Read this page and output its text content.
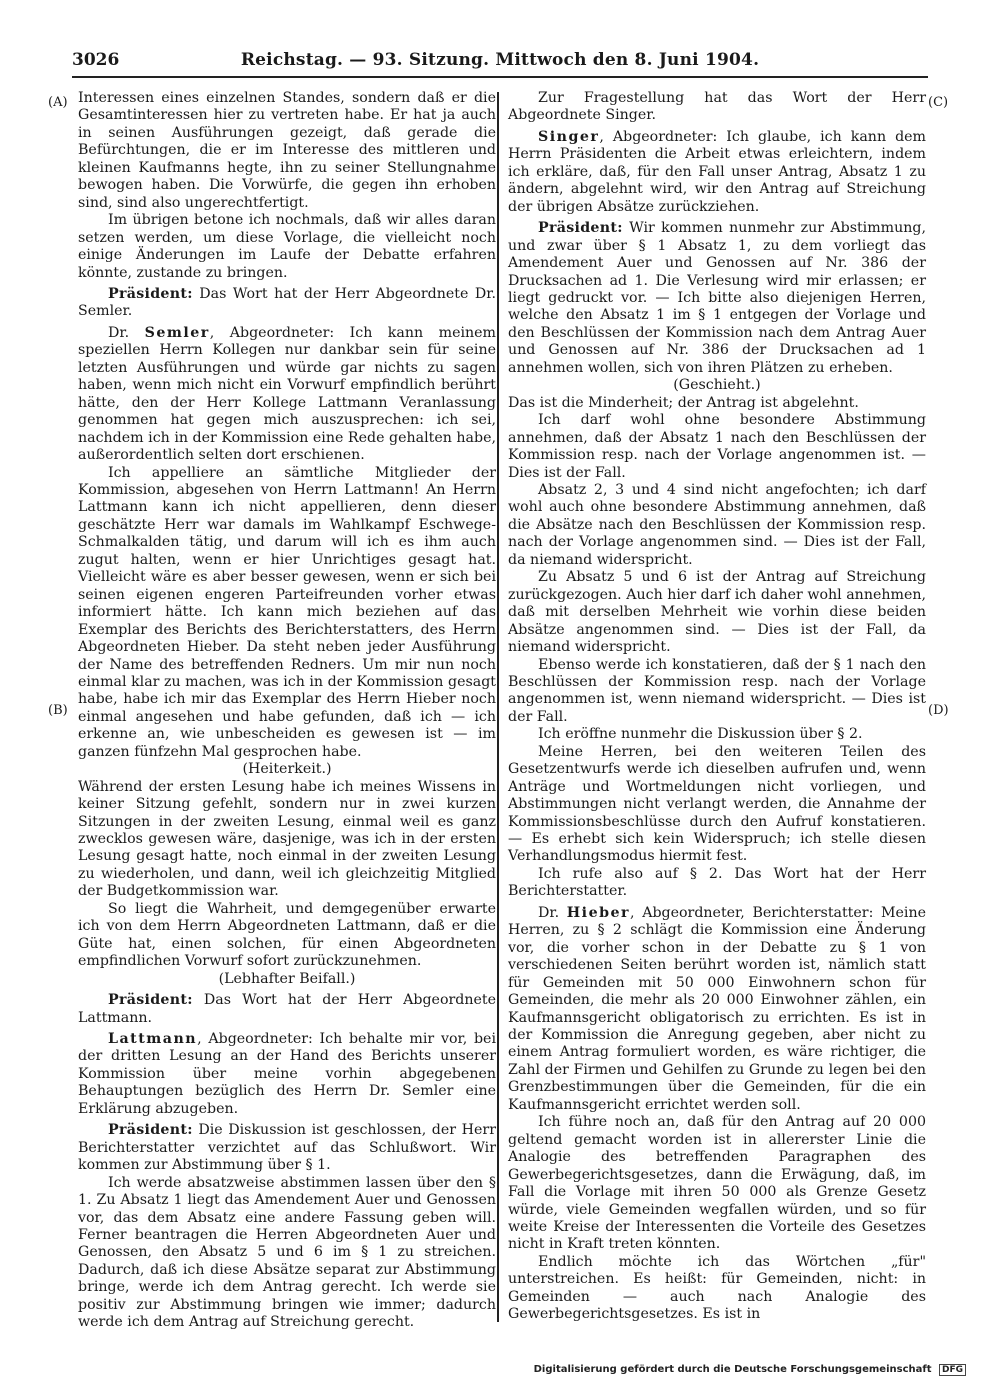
3026	Reichstag. — 93. Sitzung. Mittwoch den 8. Juni 1904.
(A)
(B)
(C)
(D)

Interessen eines einzelnen Standes, sondern daß er die Gesamtinteressen hier zu vertreten habe. Er hat ja auch in seinen Ausführungen gezeigt, daß gerade die Befürchtungen, die er im Interesse des mittleren und kleinen Kaufmanns hegte, ihn zu seiner Stellungnahme bewogen haben. Die Vorwürfe, die gegen ihn erhoben sind, sind also ungerechtfertigt.

Im übrigen betone ich nochmals, daß wir alles daran setzen werden, um diese Vorlage, die vielleicht noch einige Änderungen im Laufe der Debatte erfahren könnte, zustande zu bringen.

Präsident: Das Wort hat der Herr Abgeordnete Dr. Semler.

Dr. Semler, Abgeordneter: Ich kann meinem speziellen Herrn Kollegen nur dankbar sein für seine letzten Ausführungen und würde gar nichts zu sagen haben, wenn mich nicht ein Vorwurf empfindlich berührt hätte, den der Herr Kollege Lattmann Veranlassung genommen hat gegen mich auszusprechen: ich sei, nachdem ich in der Kommission eine Rede gehalten habe, außerordentlich selten dort erschienen.

Ich appelliere an sämtliche Mitglieder der Kommission, abgesehen von Herrn Lattmann! An Herrn Lattmann kann ich nicht appellieren, denn dieser geschätzte Herr war damals im Wahlkampf Eschwege-Schmalkalden tätig, und darum will ich es ihm auch zugut halten, wenn er hier Unrichtiges gesagt hat. Vielleicht wäre es aber besser gewesen, wenn er sich bei seinen eigenen engeren Parteifreunden vorher etwas informiert hätte. Ich kann mich beziehen auf das Exemplar des Berichts des Berichterstatters, des Herrn Abgeordneten Hieber. Da steht neben jeder Ausführung der Name des betreffenden Redners. Um mir nun noch einmal klar zu machen, was ich in der Kommission gesagt habe, habe ich mir das Exemplar des Herrn Hieber noch einmal angesehen und habe gefunden, daß ich — ich erkenne an, wie unbescheiden es gewesen ist — im ganzen fünfzehn Mal gesprochen habe.

(Heiterkeit.)

Während der ersten Lesung habe ich meines Wissens in keiner Sitzung gefehlt, sondern nur in zwei kurzen Sitzungen in der zweiten Lesung, einmal weil es ganz zwecklos gewesen wäre, dasjenige, was ich in der ersten Lesung gesagt hatte, noch einmal in der zweiten Lesung zu wiederholen, und dann, weil ich gleichzeitig Mitglied der Budgetkommission war.

So liegt die Wahrheit, und demgegenüber erwarte ich von dem Herrn Abgeordneten Lattmann, daß er die Güte hat, einen solchen, für einen Abgeordneten empfindlichen Vorwurf sofort zurückzunehmen.

(Lebhafter Beifall.)

Präsident: Das Wort hat der Herr Abgeordnete Lattmann.

Lattmann, Abgeordneter: Ich behalte mir vor, bei der dritten Lesung an der Hand des Berichts unserer Kommission über meine vorhin abgegebenen Behauptungen bezüglich des Herrn Dr. Semler eine Erklärung abzugeben.

Präsident: Die Diskussion ist geschlossen, der Herr Berichterstatter verzichtet auf das Schlußwort. Wir kommen zur Abstimmung über § 1.

Ich werde absatzweise abstimmen lassen über den § 1. Zu Absatz 1 liegt das Amendement Auer und Genossen vor, das dem Absatz eine andere Fassung geben will. Ferner beantragen die Herren Abgeordneten Auer und Genossen, den Absatz 5 und 6 im § 1 zu streichen. Dadurch, daß ich diese Absätze separat zur Abstimmung bringe, werde ich dem Antrag gerecht. Ich werde sie positiv zur Abstimmung bringen wie immer; dadurch werde ich dem Antrag auf Streichung gerecht.

Zur Fragestellung hat das Wort der Herr Abgeordnete Singer.

Singer, Abgeordneter: Ich glaube, ich kann dem Herrn Präsidenten die Arbeit etwas erleichtern, indem ich erkläre, daß, für den Fall unser Antrag, Absatz 1 zu ändern, abgelehnt wird, wir den Antrag auf Streichung der übrigen Absätze zurückziehen.

Präsident: Wir kommen nunmehr zur Abstimmung, und zwar über § 1 Absatz 1, zu dem vorliegt das Amendement Auer und Genossen auf Nr. 386 der Drucksachen ad 1. Die Verlesung wird mir erlassen; er liegt gedruckt vor. — Ich bitte also diejenigen Herren, welche den Absatz 1 im § 1 entgegen der Vorlage und den Beschlüssen der Kommission nach dem Antrag Auer und Genossen auf Nr. 386 der Drucksachen ad 1 annehmen wollen, sich von ihren Plätzen zu erheben.

(Geschieht.)

Das ist die Minderheit; der Antrag ist abgelehnt.

Ich darf wohl ohne besondere Abstimmung annehmen, daß der Absatz 1 nach den Beschlüssen der Kommission resp. nach der Vorlage angenommen ist. — Dies ist der Fall.

Absatz 2, 3 und 4 sind nicht angefochten; ich darf wohl auch ohne besondere Abstimmung annehmen, daß die Absätze nach den Beschlüssen der Kommission resp. nach der Vorlage angenommen sind. — Dies ist der Fall, da niemand widerspricht.

Zu Absatz 5 und 6 ist der Antrag auf Streichung zurückgezogen. Auch hier darf ich daher wohl annehmen, daß mit derselben Mehrheit wie vorhin diese beiden Absätze angenommen sind. — Dies ist der Fall, da niemand widerspricht.

Ebenso werde ich konstatieren, daß der § 1 nach den Beschlüssen der Kommission resp. nach der Vorlage angenommen ist, wenn niemand widerspricht. — Dies ist der Fall.

Ich eröffne nunmehr die Diskussion über § 2.

Meine Herren, bei den weiteren Teilen des Gesetzentwurfs werde ich dieselben aufrufen und, wenn Anträge und Wortmeldungen nicht vorliegen, und Abstimmungen nicht verlangt werden, die Annahme der Kommissionsbeschlüsse durch den Aufruf konstatieren. — Es erhebt sich kein Widerspruch; ich stelle diesen Verhandlungsmodus hiermit fest.

Ich rufe also auf § 2. Das Wort hat der Herr Berichterstatter.

Dr. Hieber, Abgeordneter, Berichterstatter: Meine Herren, zu § 2 schlägt die Kommission eine Änderung vor, die vorher schon in der Debatte zu § 1 von verschiedenen Seiten berührt worden ist, nämlich statt für Gemeinden mit 50 000 Einwohnern schon für Gemeinden, die mehr als 20 000 Einwohner zählen, ein Kaufmannsgericht obligatorisch zu errichten. Es ist in der Kommission die Anregung gegeben, aber nicht zu einem Antrag formuliert worden, es wäre richtiger, die Zahl der Firmen und Gehilfen zu Grunde zu legen bei den Grenzbestimmungen über die Gemeinden, für die ein Kaufmannsgericht errichtet werden soll.

Ich führe noch an, daß für den Antrag auf 20 000 geltend gemacht worden ist in allererster Linie die Analogie des betreffenden Paragraphen des Gewerbegerichtsgesetzes, dann die Erwägung, daß, im Fall die Vorlage mit ihren 50 000 als Grenze Gesetz würde, viele Gemeinden wegfallen würden, und so für weite Kreise der Interessenten die Vorteile des Gesetzes nicht in Kraft treten könnten.

Endlich möchte ich das Wörtchen „für" unterstreichen. Es heißt: für Gemeinden, nicht: in Gemeinden — auch nach Analogie des Gewerbegerichtsgesetzes. Es ist in

Digitalisierung gefördert durch die Deutsche Forschungsgemeinschaft DFG
